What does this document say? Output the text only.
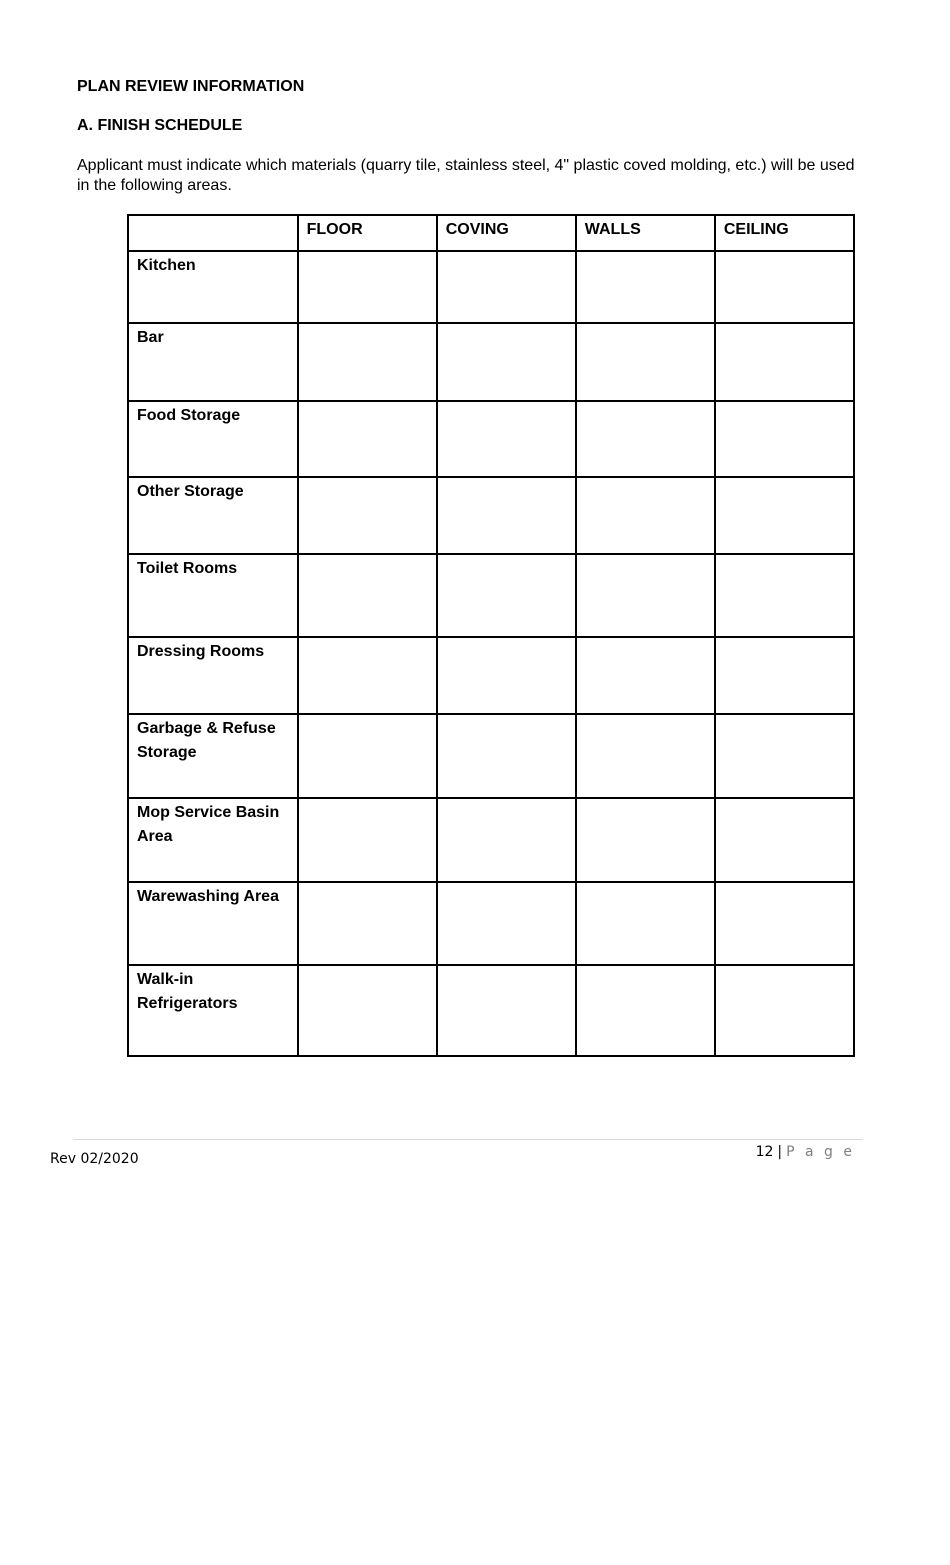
PLAN REVIEW INFORMATION
A. FINISH SCHEDULE

Applicant must indicate which materials (quarry tile, stainless steel, 4" plastic coved molding, etc.) will be used in the following areas.

	FLOOR	COVING	WALLS	CEILING
Kitchen				
Bar				
Food Storage				
Other Storage				
Toilet Rooms				
Dressing Rooms				
Garbage & Refuse Storage				
Mop Service Basin Area				
Warewashing Area				
Walk-in Refrigerators				
Rev 02/2020	12 | P a g e
